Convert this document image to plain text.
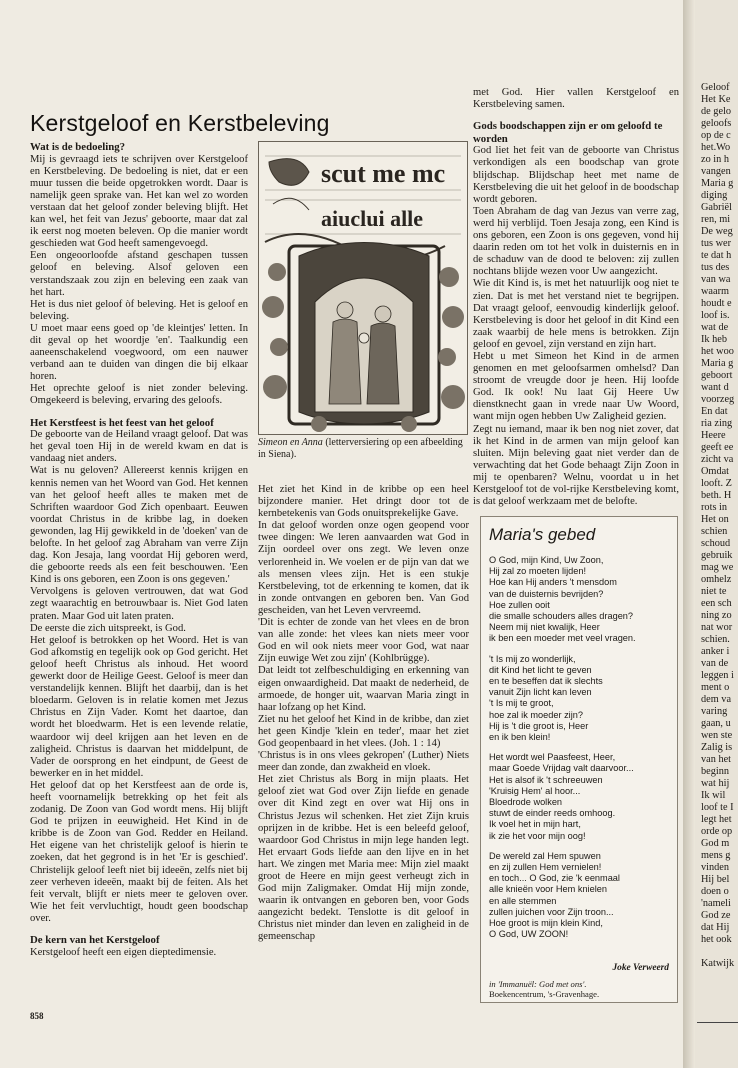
Kerstgeloof en Kerstbeleving

Wat is de bedoeling?

Mij is gevraagd iets te schrijven over Kerstgeloof en Kerstbeleving. De bedoeling is niet, dat er een muur tussen die beide opgetrokken wordt. Daar is namelijk geen sprake van. Het kan wel zo worden verstaan dat het geloof zonder beleving blijft. Het kan wel, het feit van Jezus' geboorte, maar dat zal ik eerst nog moeten beleven. Op die manier wordt geschieden wat God heeft samengevoegd.

Een ongeoorloofde afstand geschapen tussen geloof en beleving. Alsof geloven een verstandszaak zou zijn en beleving een zaak van het hart.

Het is dus niet geloof òf beleving. Het is geloof en beleving.

U moet maar eens goed op 'de kleintjes' letten. In dit geval op het woordje 'en'. Taalkundig een aaneenschakelend voegwoord, om een nauwer verband aan te duiden van dingen die bij elkaar horen.

Het oprechte geloof is niet zonder beleving. Omgekeerd is beleving, ervaring des geloofs.

Het Kerstfeest is het feest van het geloof

De geboorte van de Heiland vraagt geloof. Dat was het geval toen Hij in de wereld kwam en dat is vandaag niet anders.

Wat is nu geloven? Allereerst kennis krijgen en kennis nemen van het Woord van God. Het kennen van het geloof heeft alles te maken met de Schriften waardoor God Zich openbaart. Eeuwen voordat Christus in de kribbe lag, in doeken gewonden, lag Hij gewikkeld in de 'doeken' van de belofte. In het geloof zag Abraham van verre Zijn dag. Kon Jesaja, lang voordat Hij geboren werd, die geboorte reeds als een feit beschouwen. 'Een Kind is ons geboren, een Zoon is ons gegeven.'

Vervolgens is geloven vertrouwen, dat wat God zegt waarachtig en betrouwbaar is. Niet God laten praten. Maar God uit laten praten.

De eerste die zich uitspreekt, is God.

Het geloof is betrokken op het Woord. Het is van God afkomstig en tegelijk ook op God gericht. Het geloof heeft Christus als inhoud. Het woord gewerkt door de Heilige Geest. Geloof is meer dan verstandelijk kennen. Blijft het daarbij, dan is het bloedarm. Geloven is in relatie komen met Jezus Christus en Zijn Vader. Komt het daartoe, dan wordt het bloedwarm. Het is een levende relatie, waardoor wij deel krijgen aan het leven en de zaligheid. Christus is daarvan het middelpunt, de Vader de oorsprong en het eindpunt, de Geest de bewerker en in het middel.

Het geloof dat op het Kerstfeest aan de orde is, heeft voornamelijk betrekking op het feit als zodanig. De Zoon van God wordt mens. Hij blijft God te prijzen in eeuwigheid. Het Kind in de kribbe is de Zoon van God. Redder en Heiland. Het eigene van het christelijk geloof is hierin te zoeken, dat het gegrond is in het 'Er is geschied'. Christelijk geloof leeft niet bij ideeën, zelfs niet bij zeer verheven ideeën, maakt bij de feiten. Als het feit vervalt, blijft er niets meer te geloven over. Wie het feit vervluchtigt, houdt geen boodschap over.

De kern van het Kerstgeloof

Kerstgeloof heeft een eigen dieptedimensie.

scut me mc
aiuclui alle
Simeon en Anna (letterversiering op een afbeelding in Siena).

Het ziet het Kind in de kribbe op een heel bijzondere manier. Het dringt door tot de kernbetekenis van Gods onuitsprekelijke Gave.

In dat geloof worden onze ogen geopend voor twee dingen: We leren aanvaarden wat God in Zijn oordeel over ons zegt. We leven onze verlorenheid in. We voelen er de pijn van dat we als mensen vlees zijn. Het is een stukje Kerstbeleving, tot de erkenning te komen, dat ik in zonde ontvangen en geboren ben. Van God gescheiden, van het Leven vervreemd.

'Dit is echter de zonde van het vlees en de bron van alle zonde: het vlees kan niets meer voor God en wil ook niets meer voor God, wat naar Zijn euwige Wet zou zijn' (Kohlbrügge).

Dat leidt tot zelfbeschuldiging en erkenning van eigen onwaardigheid. Dat maakt de nederheid, de armoede, de honger uit, waarvan Maria zingt in haar lofzang op het Kind.

Ziet nu het geloof het Kind in de kribbe, dan ziet het geen Kindje 'klein en teder', maar het ziet God geopenbaard in het vlees. (Joh. 1 : 14)

'Christus is in ons vlees gekropen' (Luther) Niets meer dan zonde, dan zwakheid en vloek.

Het ziet Christus als Borg in mijn plaats. Het geloof ziet wat God over Zijn liefde en genade over dit Kind zegt en over wat Hij ons in Christus Jezus wil schenken. Het ziet Zijn kruis oprijzen in de kribbe. Het is een beleefd geloof, waardoor God Christus in mijn lege handen legt. Het ervaart Gods liefde aan den lijve en in het hart. We zingen met Maria mee: Mijn ziel maakt groot de Heere en mijn geest verheugt zich in God mijn Zaligmaker. Omdat Hij mijn zonde, waarin ik ontvangen en geboren ben, voor Gods aangezicht bedekt. Tenslotte is dit geloof in Christus niet minder dan leven en zaligheid in de gemeenschap

met God. Hier vallen Kerstgeloof en Kerstbeleving samen.

Gods boodschappen zijn er om geloofd te worden

God liet het feit van de geboorte van Christus verkondigen als een boodschap van grote blijdschap. Blijdschap heet met name de Kerstbeleving die uit het geloof in de boodschap wordt geboren.

Toen Abraham de dag van Jezus van verre zag, werd hij verblijd. Toen Jesaja zong, een Kind is ons geboren, een Zoon is ons gegeven, vond hij daarin reden om tot het volk in duisternis en in de schaduw van de dood te beloven: zij zullen nochtans blijde wezen voor Uw aangezicht.

Wie dit Kind is, is met het natuurlijk oog niet te zien. Dat is met het verstand niet te begrijpen. Dat vraagt geloof, eenvoudig kinderlijk geloof. Kerstbeleving is door het geloof in dit Kind een zaak waarbij de hele mens is betrokken. Zijn geloof en gevoel, zijn verstand en zijn hart.

Hebt u met Simeon het Kind in de armen genomen en met geloofsarmen omhelsd? Dan stroomt de vreugde door je heen. Hij loofde God. Ik ook! Nu laat Gij Heere Uw dienstknecht gaan in vrede naar Uw Woord, want mijn ogen hebben Uw Zaligheid gezien.

Zegt nu iemand, maar ik ben nog niet zover, dat ik het Kind in de armen van mijn geloof kan sluiten. Mijn beleving gaat niet verder dan de verwachting dat het Gode behaagt Zijn Zoon in mij te openbaren? Welnu, voordat u in het Kerstgeloof tot de vol-rijke Kerstbeleving komt, is dat geloof werkzaam met de belofte.

Maria's gebed
O God, mijn Kind, Uw Zoon,
Hij zal zo moeten lijden!
Hoe kan Hij anders 't mensdom
van de duisternis bevrijden?
Hoe zullen ooit
die smalle schouders alles dragen?
Neem mij niet kwalijk, Heer
ik ben een moeder met veel vragen.
't Is mij zo wonderlijk,
dit Kind het licht te geven
en te beseffen dat ik slechts
vanuit Zijn licht kan leven
't Is mij te groot,
hoe zal ik moeder zijn?
Hij is 't die groot is, Heer
en ik ben klein!
Het wordt wel Paasfeest, Heer,
maar Goede Vrijdag valt daarvoor...
Het is alsof ik 't schreeuwen
'Kruisig Hem' al hoor...
Bloedrode wolken
stuwt de einder reeds omhoog.
Ik voel het in mijn hart,
ik zie het voor mijn oog!
De wereld zal Hem spuwen
en zij zullen Hem vernielen!
en toch... O God, zie 'k eenmaal
alle knieën voor Hem knielen
en alle stemmen
zullen juichen voor Zijn troon...
Hoe groot is mijn klein Kind,
O God, UW ZOON!
Joke Verweerd
in 'Immanuël: God met ons'.
Boekencentrum, 's-Gravenhage.
858
Geloof
Het Ke
de gelo
geloofs
op de c
het.Wo
zo in h
vangen
Maria g
diging
Gabriël
ren, mi
De weg
tus wer
te dat h
tus des
van wa
waarm
houdt e
loof is.
wat de
Ik heb
het woo
Maria g
geboort
want d
voorzeg
En dat
ria zing
Heere
geeft ee
zicht va
Omdat
looft. Z
beth. H
rots in
Het on
schien
schoud
gebruik
mag we
omhelz
niet te
een sch
ning zo
nat wor
schien.
anker i
van de
leggen i
ment o
dem va
varing
gaan, u
wen ste
Zalig is
van het
beginn
wat hij
Ik wil
loof te I
legt het
orde op
God m
mens g
vinden
Hij bel
doen o
'nameli
God ze
dat Hij
het ook
Katwijk
